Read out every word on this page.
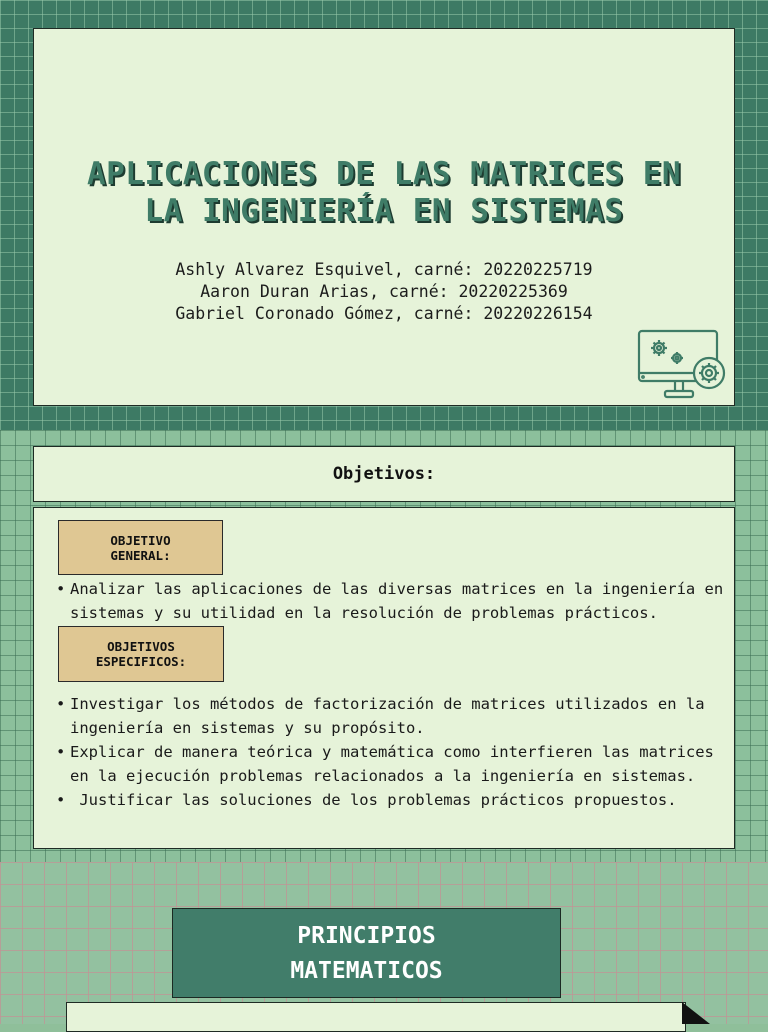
APLICACIONES DE LAS MATRICES EN
LA INGENIERÍA EN SISTEMAS
Ashly Alvarez Esquivel, carné: 20220225719
Aaron Duran Arias, carné: 20220225369
Gabriel Coronado Gómez, carné: 20220226154
Objetivos:
OBJETIVO
GENERAL:
• Analizar las aplicaciones de las diversas matrices en la ingeniería en sistemas y su utilidad en la resolución de problemas prácticos.
OBJETIVOS
ESPECIFICOS:
• Investigar los métodos de factorización de matrices utilizados en la ingeniería en sistemas y su propósito.
• Explicar de manera teórica y matemática como interfieren las matrices en la ejecución problemas relacionados a la ingeniería en sistemas.
•  Justificar las soluciones de los problemas prácticos propuestos.
PRINCIPIOS
MATEMATICOS
